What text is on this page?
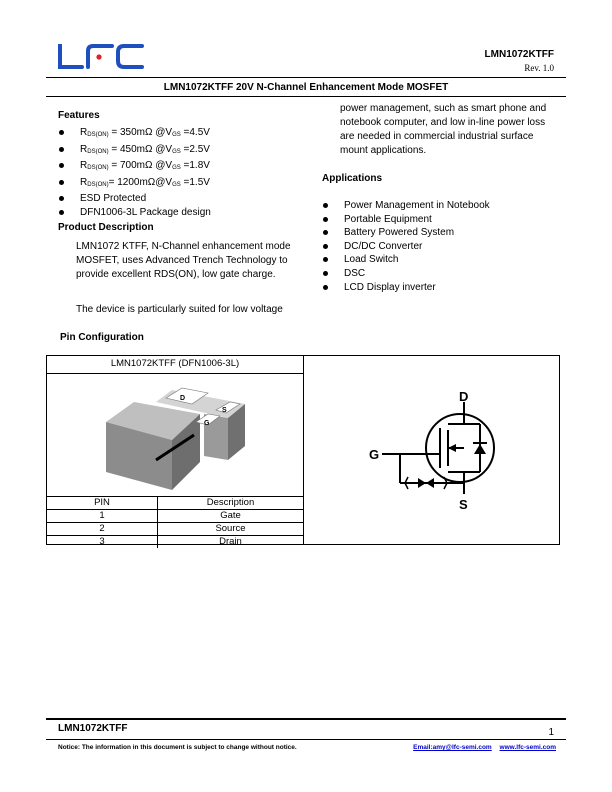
LMN1072KTFF
Rev. 1.0
LMN1072KTFF 20V N-Channel Enhancement Mode MOSFET
Features
RDS(ON) = 350mΩ @VGS =4.5V
RDS(ON) = 450mΩ @VGS =2.5V
RDS(ON) = 700mΩ @VGS =1.8V
RDS(ON)= 1200mΩ@VGS =1.5V
ESD Protected
DFN1006-3L Package design
Product Description
LMN1072 KTFF, N-Channel enhancement mode MOSFET, uses Advanced Trench Technology to provide excellent RDS(ON), low gate charge.
The device is particularly suited for low voltage
power management, such as smart phone and notebook computer, and low in-line power loss are needed in commercial industrial surface mount applications.
Applications
Power Management in Notebook
Portable Equipment
Battery Powered System
DC/DC Converter
Load Switch
DSC
LCD Display inverter
Pin Configuration
LMN1072KTFF (DFN1006-3L)
D
S
G
PIN	Description
1	Gate
2	Source
3	Drain
D
G
S
LMN1072KTFF	1
Notice: The information in this document is subject to change without notice.	Email:amy@lfc-semi.com www.lfc-semi.com
